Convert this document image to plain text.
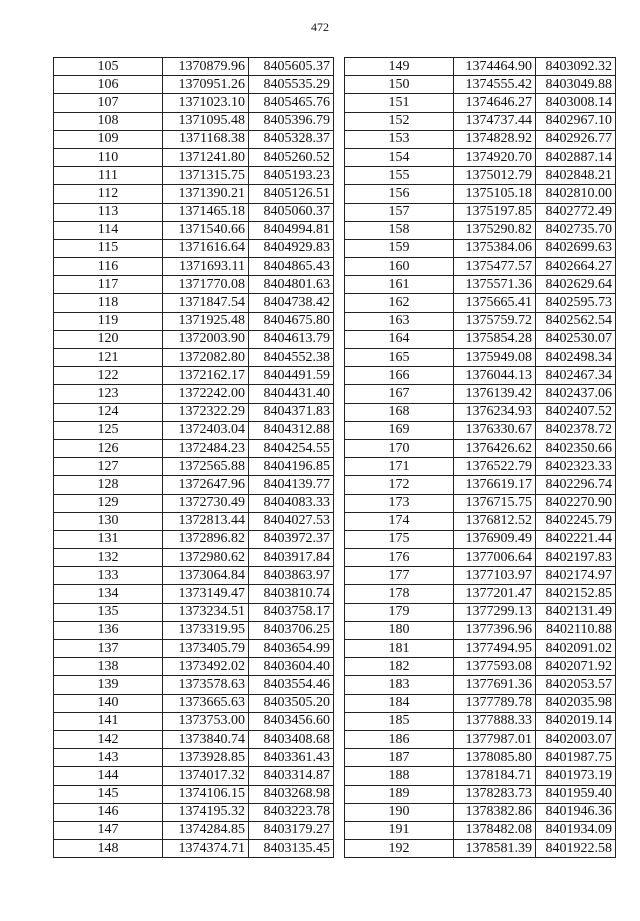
472
105	1370879.96	8405605.37
106	1370951.26	8405535.29
107	1371023.10	8405465.76
108	1371095.48	8405396.79
109	1371168.38	8405328.37
110	1371241.80	8405260.52
111	1371315.75	8405193.23
112	1371390.21	8405126.51
113	1371465.18	8405060.37
114	1371540.66	8404994.81
115	1371616.64	8404929.83
116	1371693.11	8404865.43
117	1371770.08	8404801.63
118	1371847.54	8404738.42
119	1371925.48	8404675.80
120	1372003.90	8404613.79
121	1372082.80	8404552.38
122	1372162.17	8404491.59
123	1372242.00	8404431.40
124	1372322.29	8404371.83
125	1372403.04	8404312.88
126	1372484.23	8404254.55
127	1372565.88	8404196.85
128	1372647.96	8404139.77
129	1372730.49	8404083.33
130	1372813.44	8404027.53
131	1372896.82	8403972.37
132	1372980.62	8403917.84
133	1373064.84	8403863.97
134	1373149.47	8403810.74
135	1373234.51	8403758.17
136	1373319.95	8403706.25
137	1373405.79	8403654.99
138	1373492.02	8403604.40
139	1373578.63	8403554.46
140	1373665.63	8403505.20
141	1373753.00	8403456.60
142	1373840.74	8403408.68
143	1373928.85	8403361.43
144	1374017.32	8403314.87
145	1374106.15	8403268.98
146	1374195.32	8403223.78
147	1374284.85	8403179.27
148	1374374.71	8403135.45
149	1374464.90	8403092.32
150	1374555.42	8403049.88
151	1374646.27	8403008.14
152	1374737.44	8402967.10
153	1374828.92	8402926.77
154	1374920.70	8402887.14
155	1375012.79	8402848.21
156	1375105.18	8402810.00
157	1375197.85	8402772.49
158	1375290.82	8402735.70
159	1375384.06	8402699.63
160	1375477.57	8402664.27
161	1375571.36	8402629.64
162	1375665.41	8402595.73
163	1375759.72	8402562.54
164	1375854.28	8402530.07
165	1375949.08	8402498.34
166	1376044.13	8402467.34
167	1376139.42	8402437.06
168	1376234.93	8402407.52
169	1376330.67	8402378.72
170	1376426.62	8402350.66
171	1376522.79	8402323.33
172	1376619.17	8402296.74
173	1376715.75	8402270.90
174	1376812.52	8402245.79
175	1376909.49	8402221.44
176	1377006.64	8402197.83
177	1377103.97	8402174.97
178	1377201.47	8402152.85
179	1377299.13	8402131.49
180	1377396.96	8402110.88
181	1377494.95	8402091.02
182	1377593.08	8402071.92
183	1377691.36	8402053.57
184	1377789.78	8402035.98
185	1377888.33	8402019.14
186	1377987.01	8402003.07
187	1378085.80	8401987.75
188	1378184.71	8401973.19
189	1378283.73	8401959.40
190	1378382.86	8401946.36
191	1378482.08	8401934.09
192	1378581.39	8401922.58
